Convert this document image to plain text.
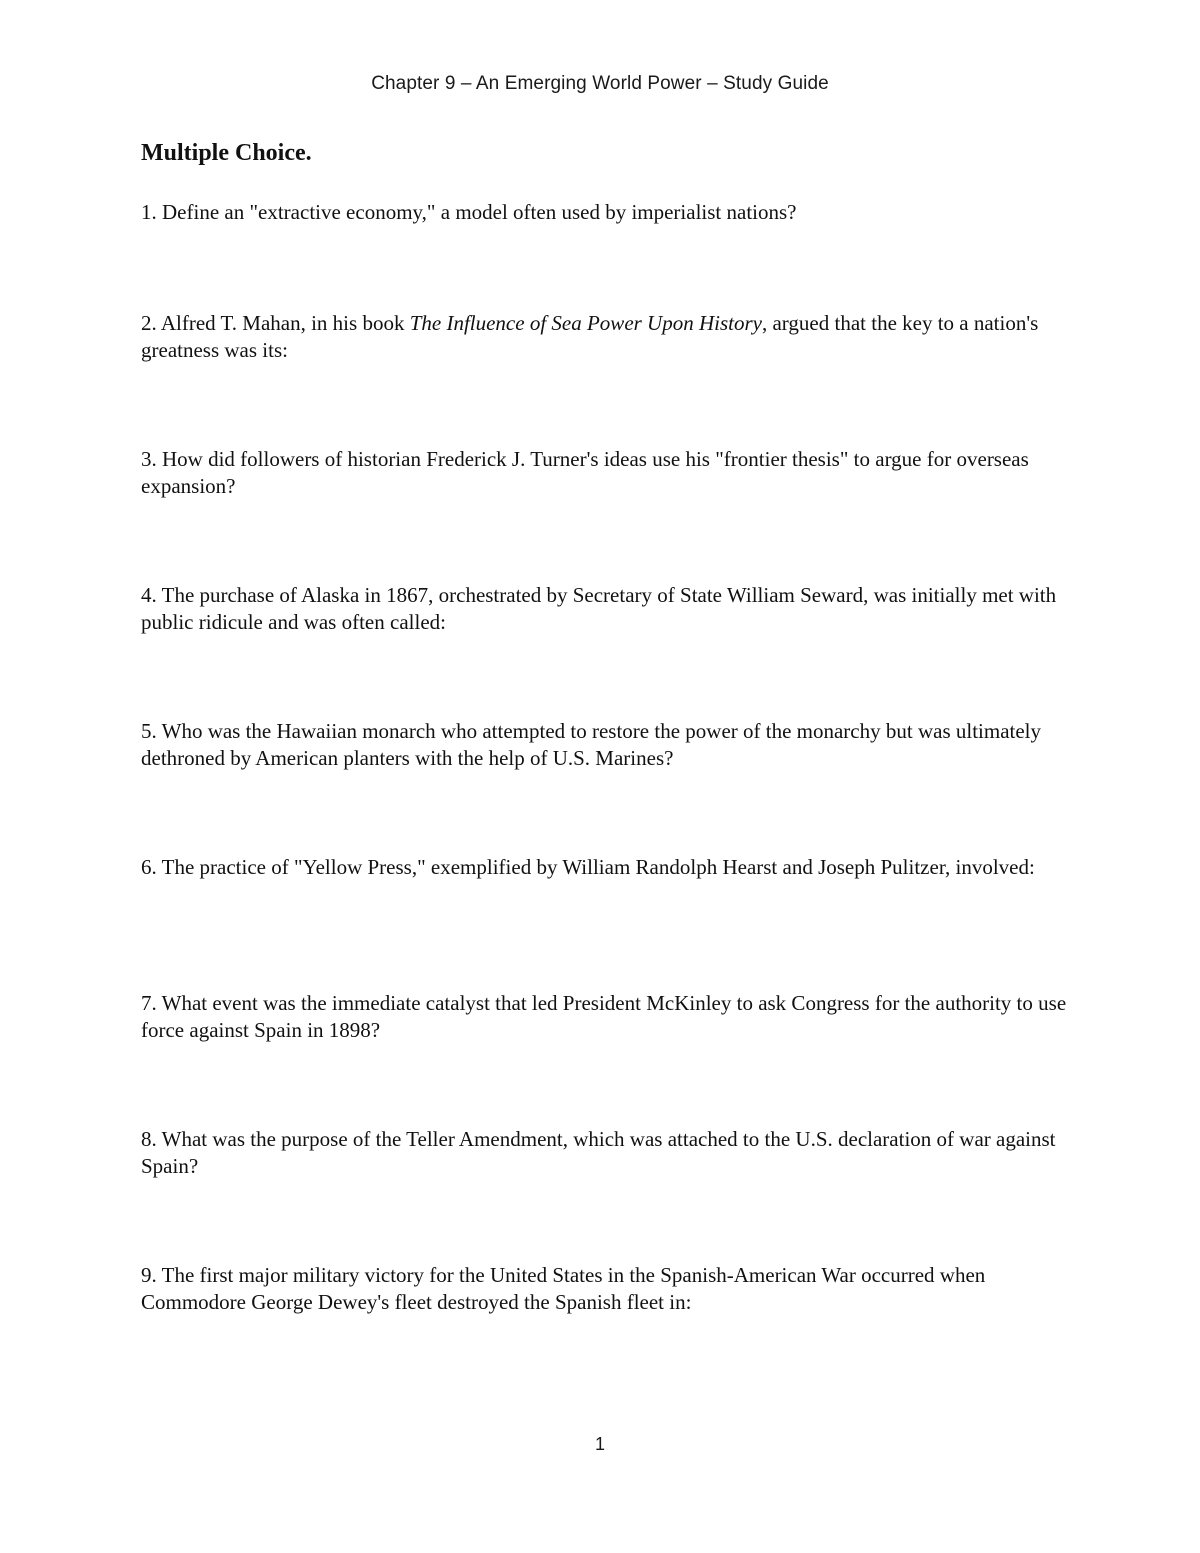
Chapter 9 – An Emerging World Power – Study Guide
Multiple Choice.
1. Define an "extractive economy," a model often used by imperialist nations?
2. Alfred T. Mahan, in his book The Influence of Sea Power Upon History, argued that the key to a nation's greatness was its:
3. How did followers of historian Frederick J. Turner's ideas use his "frontier thesis" to argue for overseas expansion?
4. The purchase of Alaska in 1867, orchestrated by Secretary of State William Seward, was initially met with public ridicule and was often called:
5. Who was the Hawaiian monarch who attempted to restore the power of the monarchy but was ultimately dethroned by American planters with the help of U.S. Marines?
6. The practice of "Yellow Press," exemplified by William Randolph Hearst and Joseph Pulitzer, involved:
7. What event was the immediate catalyst that led President McKinley to ask Congress for the authority to use force against Spain in 1898?
8. What was the purpose of the Teller Amendment, which was attached to the U.S. declaration of war against Spain?
9. The first major military victory for the United States in the Spanish-American War occurred when Commodore George Dewey's fleet destroyed the Spanish fleet in:
1
